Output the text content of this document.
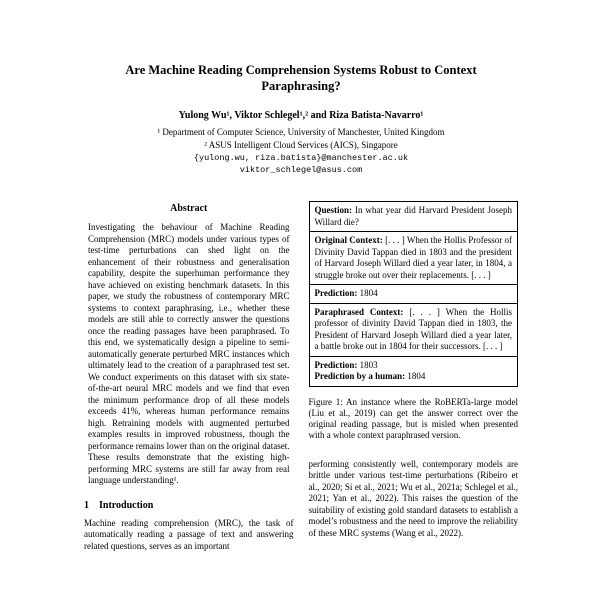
Are Machine Reading Comprehension Systems Robust to Context Paraphrasing?
Yulong Wu¹, Viktor Schlegel¹,² and Riza Batista-Navarro¹
¹ Department of Computer Science, University of Manchester, United Kingdom
² ASUS Intelligent Cloud Services (AICS), Singapore
{yulong.wu, riza.batista}@manchester.ac.uk
viktor_schlegel@asus.com
Abstract

Investigating the behaviour of Machine Reading Comprehension (MRC) models under various types of test-time perturbations can shed light on the enhancement of their robustness and generalisation capability, despite the superhuman performance they have achieved on existing benchmark datasets. In this paper, we study the robustness of contemporary MRC systems to context paraphrasing, i.e., whether these models are still able to correctly answer the questions once the reading passages have been paraphrased. To this end, we systematically design a pipeline to semi-automatically generate perturbed MRC instances which ultimately lead to the creation of a paraphrased test set. We conduct experiments on this dataset with six state-of-the-art neural MRC models and we find that even the minimum performance drop of all these models exceeds 41%, whereas human performance remains high. Retraining models with augmented perturbed examples results in improved robustness, though the performance remains lower than on the original dataset. These results demonstrate that the existing high-performing MRC systems are still far away from real language understanding¹.

1 Introduction

Machine reading comprehension (MRC), the task of automatically reading a passage of text and answering related questions, serves as an important

Question: In what year did Harvard President Joseph Willard die?
Original Context: [. . . ] When the Hollis Professor of Divinity David Tappan died in 1803 and the president of Harvard Joseph Willard died a year later, in 1804, a struggle broke out over their replacements. [. . . ]
Prediction: 1804
Paraphrased Context: [. . . ] When the Hollis professor of divinity David Tappan died in 1803, the President of Harvard Joseph Willard died a year later, a battle broke out in 1804 for their successors. [. . . ]

Prediction: 1803

Prediction by a human: 1804

Figure 1: An instance where the RoBERTa-large model (Liu et al., 2019) can get the answer correct over the original reading passage, but is misled when presented with a whole context paraphrased version.

performing consistently well, contemporary models are brittle under various test-time perturbations (Ribeiro et al., 2020; Si et al., 2021; Wu et al., 2021a; Schlegel et al., 2021; Yan et al., 2022). This raises the question of the suitability of existing gold standard datasets to establish a model’s robustness and the need to improve the reliability of these MRC systems (Wang et al., 2022).
